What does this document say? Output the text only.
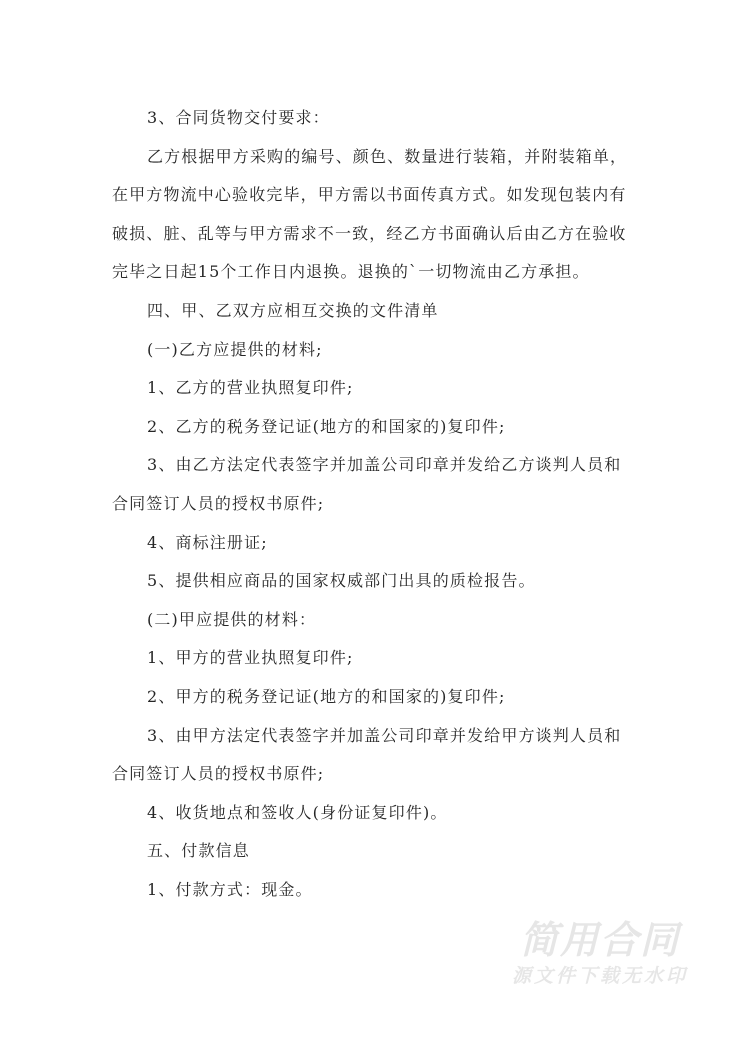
3、合同货物交付要求：

乙方根据甲方采购的编号、颜色、数量进行装箱，并附装箱单，在甲方物流中心验收完毕，甲方需以书面传真方式。如发现包装内有破损、脏、乱等与甲方需求不一致，经乙方书面确认后由乙方在验收完毕之日起15个工作日内退换。退换的`一切物流由乙方承担。

四、甲、乙双方应相互交换的文件清单

(一)乙方应提供的材料;

1、乙方的营业执照复印件;

2、乙方的税务登记证(地方的和国家的)复印件;

3、由乙方法定代表签字并加盖公司印章并发给乙方谈判人员和合同签订人员的授权书原件;

4、商标注册证;

5、提供相应商品的国家权威部门出具的质检报告。

(二)甲应提供的材料：

1、甲方的营业执照复印件;

2、甲方的税务登记证(地方的和国家的)复印件;

3、由甲方法定代表签字并加盖公司印章并发给甲方谈判人员和合同签订人员的授权书原件;

4、收货地点和签收人(身份证复印件)。

五、付款信息

1、付款方式：现金。

简用合同
源文件下载无水印
